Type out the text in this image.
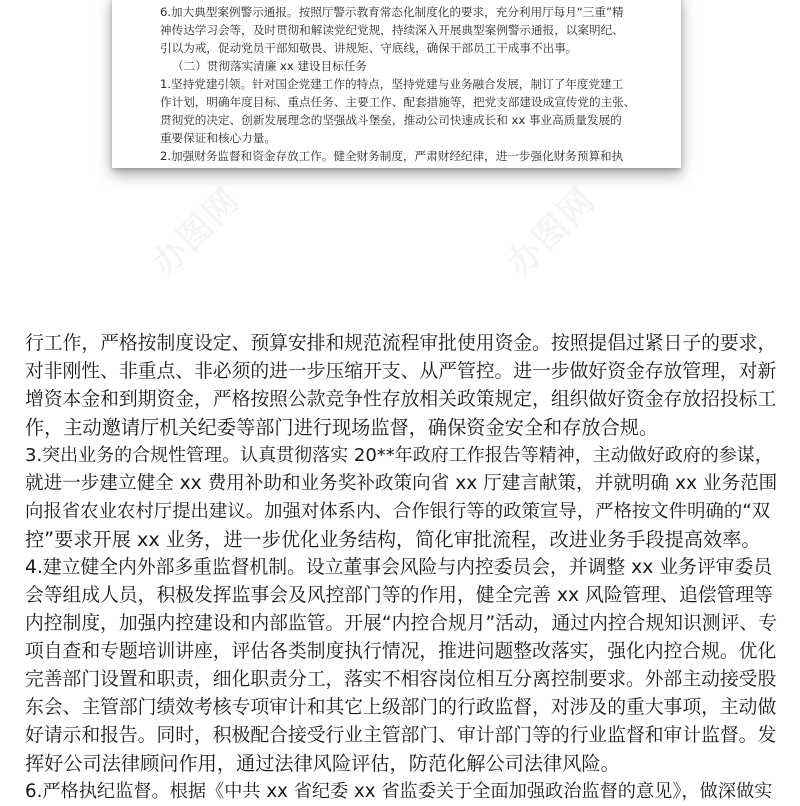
6.加大典型案例警示通报。按照厅警示教育常态化制度化的要求，充分利用厅每月“三重”精
神传达学习会等，及时贯彻和解读党纪党规，持续深入开展典型案例警示通报，以案明纪、
引以为戒，促动党员干部知敬畏、讲规矩、守底线，确保干部员工干成事不出事。
（二）贯彻落实清廉 xx 建设目标任务
1.坚持党建引领。针对国企党建工作的特点，坚持党建与业务融合发展，制订了年度党建工
作计划，明确年度目标、重点任务、主要工作、配套措施等，把党支部建设成宣传党的主张、
贯彻党的决定、创新发展理念的坚强战斗堡垒，推动公司快速成长和 xx 事业高质量发展的
重要保证和核心力量。
2.加强财务监督和资金存放工作。健全财务制度，严肃财经纪律，进一步强化财务预算和执
办图网	办图网
行工作，严格按制度设定、预算安排和规范流程审批使用资金。按照提倡过紧日子的要求，
对非刚性、非重点、非必须的进一步压缩开支、从严管控。进一步做好资金存放管理，对新
增资本金和到期资金，严格按照公款竞争性存放相关政策规定，组织做好资金存放招投标工
作，主动邀请厅机关纪委等部门进行现场监督，确保资金安全和存放合规。
3.突出业务的合规性管理。认真贯彻落实 20**年政府工作报告等精神，主动做好政府的参谋，
就进一步建立健全 xx 费用补助和业务奖补政策向省 xx 厅建言献策，并就明确 xx 业务范围
向报省农业农村厅提出建议。加强对体系内、合作银行等的政策宣导，严格按文件明确的“双
控”要求开展 xx 业务，进一步优化业务结构，简化审批流程，改进业务手段提高效率。
4.建立健全内外部多重监督机制。设立董事会风险与内控委员会，并调整 xx 业务评审委员
会等组成人员，积极发挥监事会及风控部门等的作用，健全完善 xx 风险管理、追偿管理等
内控制度，加强内控建设和内部监管。开展“内控合规月”活动，通过内控合规知识测评、专
项自查和专题培训讲座，评估各类制度执行情况，推进问题整改落实，强化内控合规。优化
完善部门设置和职责，细化职责分工，落实不相容岗位相互分离控制要求。外部主动接受股
东会、主管部门绩效考核专项审计和其它上级部门的行政监督，对涉及的重大事项，主动做
好请示和报告。同时，积极配合接受行业主管部门、审计部门等的行业监督和审计监督。发
挥好公司法律顾问作用，通过法律风险评估，防范化解公司法律风险。
6.严格执纪监督。根据《中共 xx 省纪委 xx 省监委关于全面加强政治监督的意见》，做深做实
